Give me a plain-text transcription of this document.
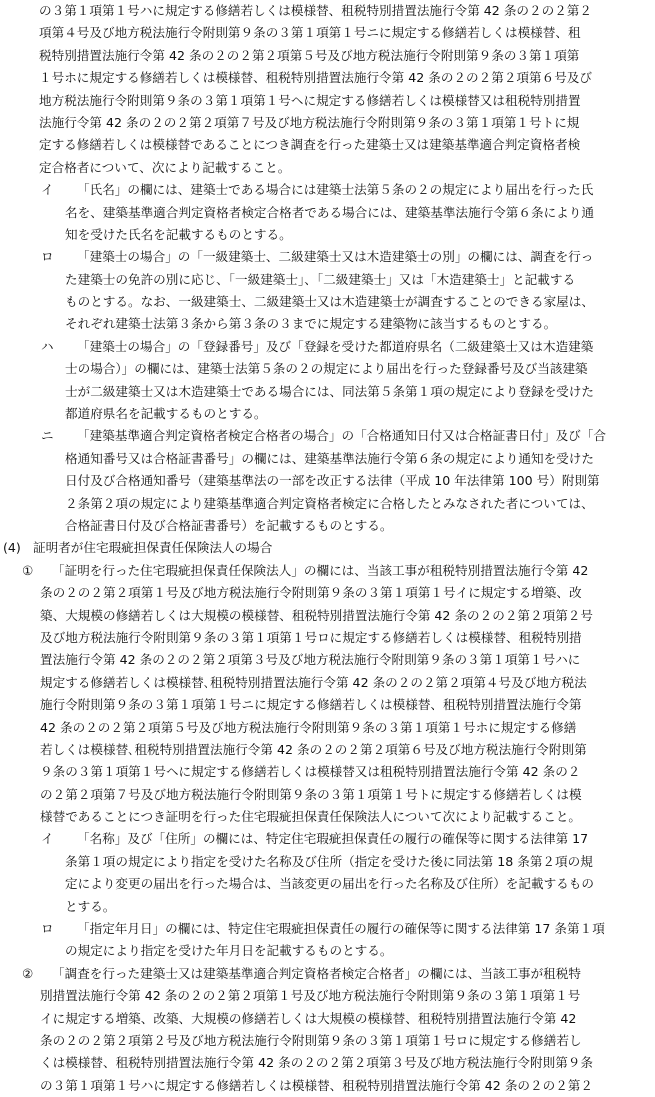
の３第１項第１号ハに規定する修繕若しくは模様替、租税特別措置法施行令第 42 条の２の２第２
項第４号及び地方税法施行令附則第９条の３第１項第１号ニに規定する修繕若しくは模様替、租
税特別措置法施行令第 42 条の２の２第２項第５号及び地方税法施行令附則第９条の３第１項第
１号ホに規定する修繕若しくは模様替、租税特別措置法施行令第 42 条の２の２第２項第６号及び
地方税法施行令附則第９条の３第１項第１号ヘに規定する修繕若しくは模様替又は租税特別措置
法施行令第 42 条の２の２第２項第７号及び地方税法施行令附則第９条の３第１項第１号トに規
定する修繕若しくは模様替であることにつき調査を行った建築士又は建築基準適合判定資格者検
定合格者について、次により記載すること。
イ	「氏名」の欄には、建築士である場合には建築士法第５条の２の規定により届出を行った氏
名を、建築基準適合判定資格者検定合格者である場合には、建築基準法施行令第６条により通
知を受けた氏名を記載するものとする。
ロ	「建築士の場合」の「一級建築士、二級建築士又は木造建築士の別」の欄には、調査を行っ
た建築士の免許の別に応じ、「一級建築士」、「二級建築士」又は「木造建築士」と記載する
ものとする。なお、一級建築士、二級建築士又は木造建築士が調査することのできる家屋は、
それぞれ建築士法第３条から第３条の３までに規定する建築物に該当するものとする。
ハ	「建築士の場合」の「登録番号」及び「登録を受けた都道府県名（二級建築士又は木造建築
士の場合）」の欄には、建築士法第５条の２の規定により届出を行った登録番号及び当該建築
士が二級建築士又は木造建築士である場合には、同法第５条第１項の規定により登録を受けた
都道府県名を記載するものとする。
ニ	「建築基準適合判定資格者検定合格者の場合」の「合格通知日付又は合格証書日付」及び「合
格通知番号又は合格証書番号」の欄には、建築基準法施行令第６条の規定により通知を受けた
日付及び合格通知番号（建築基準法の一部を改正する法律（平成 10 年法律第 100 号）附則第
２条第２項の規定により建築基準適合判定資格者検定に合格したとみなされた者については、
合格証書日付及び合格証書番号）を記載するものとする。
(4) 証明者が住宅瑕疵担保責任保険法人の場合
①	「証明を行った住宅瑕疵担保責任保険法人」の欄には、当該工事が租税特別措置法施行令第 42
条の２の２第２項第１号及び地方税法施行令附則第９条の３第１項第１号イに規定する増築、改
築、大規模の修繕若しくは大規模の模様替、租税特別措置法施行令第 42 条の２の２第２項第２号
及び地方税法施行令附則第９条の３第１項第１号ロに規定する修繕若しくは模様替、租税特別措
置法施行令第 42 条の２の２第２項第３号及び地方税法施行令附則第９条の３第１項第１号ハに
規定する修繕若しくは模様替､租税特別措置法施行令第 42 条の２の２第２項第４号及び地方税法
施行令附則第９条の３第１項第１号ニに規定する修繕若しくは模様替、租税特別措置法施行令第
42 条の２の２第２項第５号及び地方税法施行令附則第９条の３第１項第１号ホに規定する修繕
若しくは模様替､租税特別措置法施行令第 42 条の２の２第２項第６号及び地方税法施行令附則第
９条の３第１項第１号ヘに規定する修繕若しくは模様替又は租税特別措置法施行令第 42 条の２
の２第２項第７号及び地方税法施行令附則第９条の３第１項第１号トに規定する修繕若しくは模
様替であることにつき証明を行った住宅瑕疵担保責任保険法人について次により記載すること。
イ	「名称」及び「住所」の欄には、特定住宅瑕疵担保責任の履行の確保等に関する法律第 17
条第１項の規定により指定を受けた名称及び住所（指定を受けた後に同法第 18 条第２項の規
定により変更の届出を行った場合は、当該変更の届出を行った名称及び住所）を記載するもの
とする。
ロ	「指定年月日」の欄には、特定住宅瑕疵担保責任の履行の確保等に関する法律第 17 条第１項
の規定により指定を受けた年月日を記載するものとする。
②	「調査を行った建築士又は建築基準適合判定資格者検定合格者」の欄には、当該工事が租税特
別措置法施行令第 42 条の２の２第２項第１号及び地方税法施行令附則第９条の３第１項第１号
イに規定する増築、改築、大規模の修繕若しくは大規模の模様替、租税特別措置法施行令第 42
条の２の２第２項第２号及び地方税法施行令附則第９条の３第１項第１号ロに規定する修繕若し
くは模様替、租税特別措置法施行令第 42 条の２の２第２項第３号及び地方税法施行令附則第９条
の３第１項第１号ハに規定する修繕若しくは模様替、租税特別措置法施行令第 42 条の２の２第２
